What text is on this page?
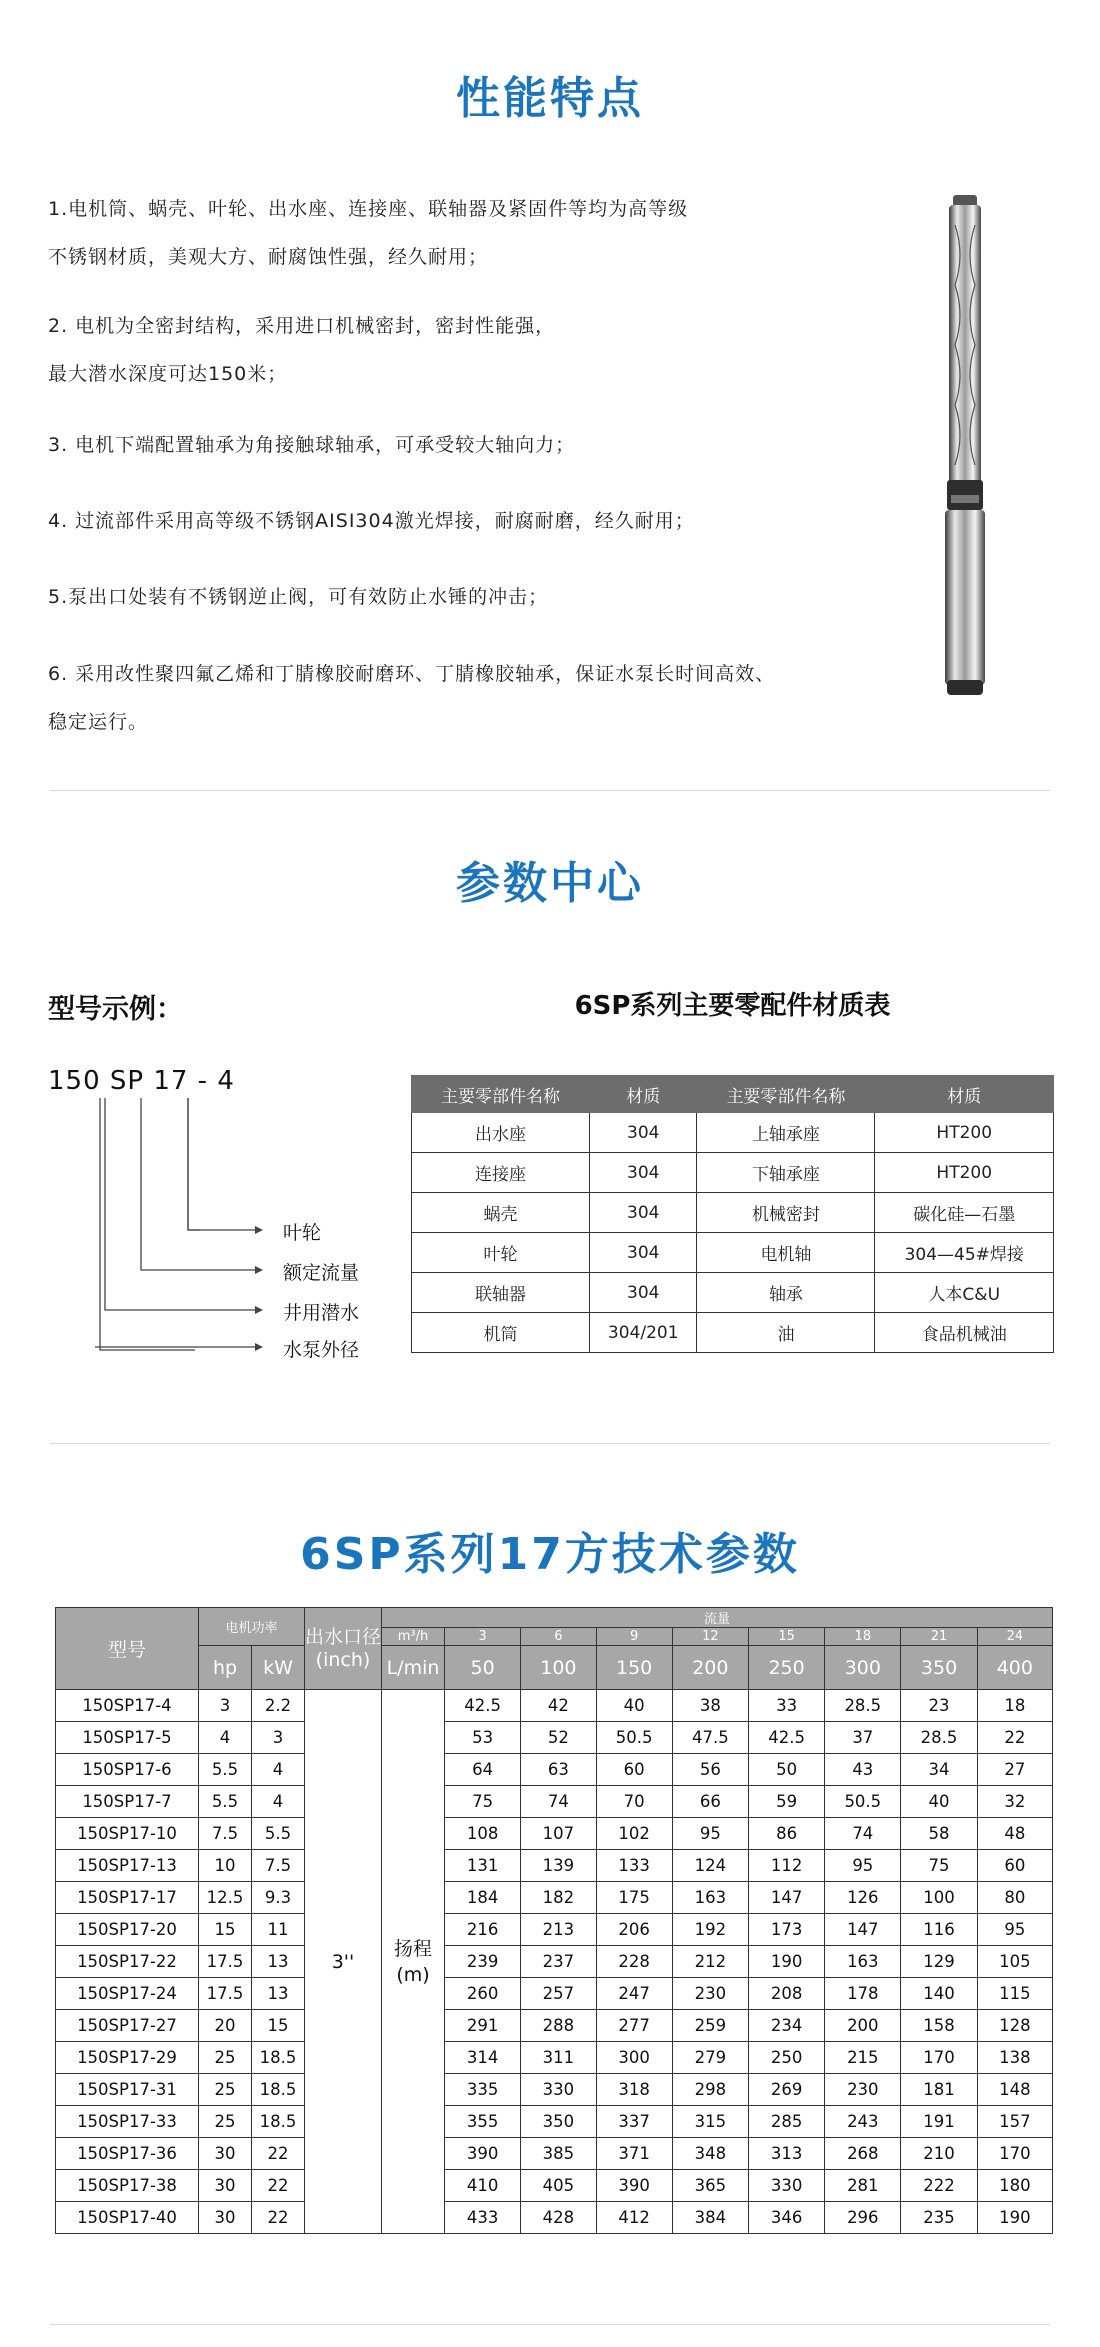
性能特点
1.电机筒、蜗壳、叶轮、出水座、连接座、联轴器及紧固件等均为高等级
不锈钢材质，美观大方、耐腐蚀性强，经久耐用；
2. 电机为全密封结构，采用进口机械密封，密封性能强，
最大潜水深度可达150米；
3. 电机下端配置轴承为角接触球轴承，可承受较大轴向力；
4. 过流部件采用高等级不锈钢AISI304激光焊接，耐腐耐磨，经久耐用；
5.泵出口处装有不锈钢逆止阀，可有效防止水锤的冲击；
6. 采用改性聚四氟乙烯和丁腈橡胶耐磨环、丁腈橡胶轴承，保证水泵长时间高效、
稳定运行。
参数中心
型号示例：
150 SP 17 - 4
叶轮
额定流量
井用潜水
水泵外径
6SP系列主要零配件材质表
主要零部件名称	材质	主要零部件名称	材质
出水座	304	上轴承座	HT200
连接座	304	下轴承座	HT200
蜗壳	304	机械密封	碳化硅—石墨
叶轮	304	电机轴	304—45#焊接
联轴器	304	轴承	人本C&U
机筒	304/201	油	食品机械油
6SP系列17方技术参数
型号	电机功率		出水口径(inch)	流量								
				m³/h	3	6	9	12	15	18	21	24
	hp	kW		L/min	50	100	150	200	250	300	350	400
150SP17-4	3	2.2	3''	扬程(m)	42.5	42	40	38	33	28.5	23	18
150SP17-5	4	3			53	52	50.5	47.5	42.5	37	28.5	22
150SP17-6	5.5	4			64	63	60	56	50	43	34	27
150SP17-7	5.5	4			75	74	70	66	59	50.5	40	32
150SP17-10	7.5	5.5			108	107	102	95	86	74	58	48
150SP17-13	10	7.5			131	139	133	124	112	95	75	60
150SP17-17	12.5	9.3			184	182	175	163	147	126	100	80
150SP17-20	15	11			216	213	206	192	173	147	116	95
150SP17-22	17.5	13			239	237	228	212	190	163	129	105
150SP17-24	17.5	13			260	257	247	230	208	178	140	115
150SP17-27	20	15			291	288	277	259	234	200	158	128
150SP17-29	25	18.5			314	311	300	279	250	215	170	138
150SP17-31	25	18.5			335	330	318	298	269	230	181	148
150SP17-33	25	18.5			355	350	337	315	285	243	191	157
150SP17-36	30	22			390	385	371	348	313	268	210	170
150SP17-38	30	22			410	405	390	365	330	281	222	180
150SP17-40	30	22			433	428	412	384	346	296	235	190
